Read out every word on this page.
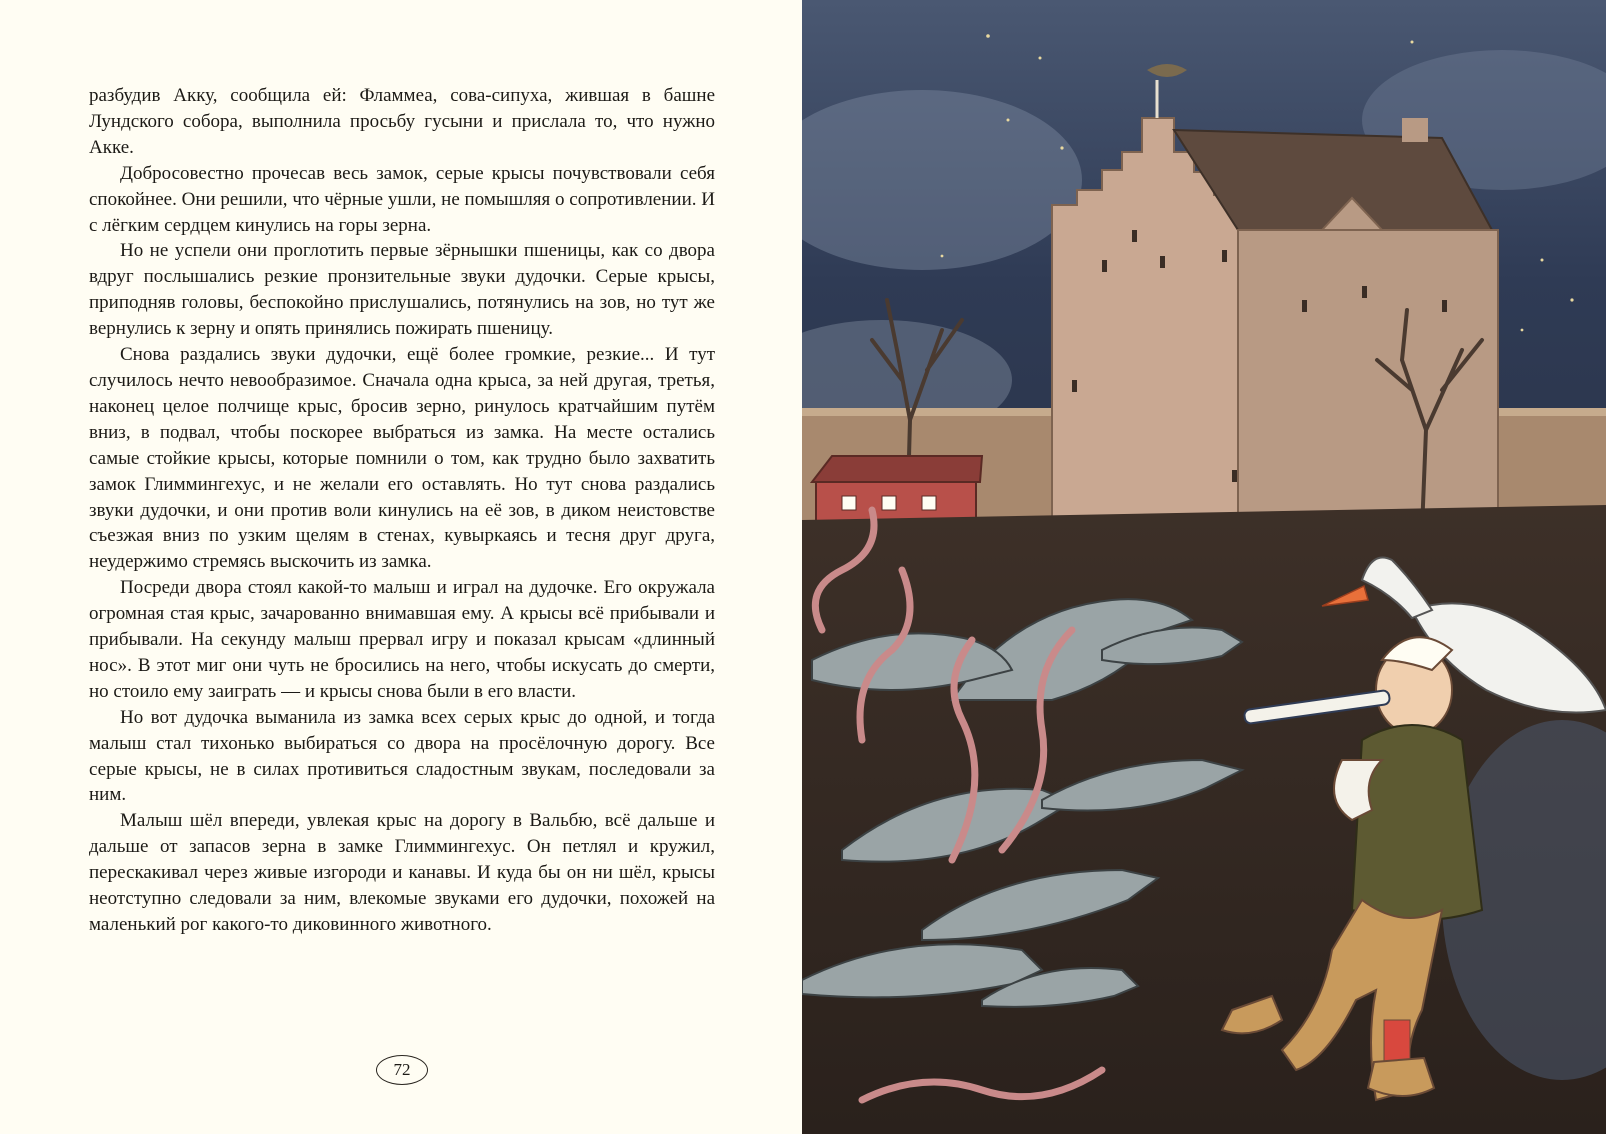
разбудив Акку, сообщила ей: Фламмеа, сова-сипуха, жившая в башне Лундского собора, выполнила просьбу гусыни и прислала то, что нужно Акке.

Добросовестно прочесав весь замок, серые крысы почувствовали себя спокойнее. Они решили, что чёрные ушли, не помышляя о сопротивлении. И с лёгким сердцем кинулись на горы зерна.

Но не успели они проглотить первые зёрнышки пшеницы, как со двора вдруг послышались резкие пронзительные звуки дудочки. Серые крысы, приподняв головы, беспокойно прислушались, потянулись на зов, но тут же вернулись к зерну и опять принялись пожирать пшеницу.

Снова раздались звуки дудочки, ещё более громкие, резкие... И тут случилось нечто невообразимое. Сначала одна крыса, за ней другая, третья, наконец целое полчище крыс, бросив зерно, ринулось кратчайшим путём вниз, в подвал, чтобы поскорее выбраться из замка. На месте остались самые стойкие крысы, которые помнили о том, как трудно было захватить замок Глиммингехус, и не желали его оставлять. Но тут снова раздались звуки дудочки, и они против воли кинулись на её зов, в диком неистовстве съезжая вниз по узким щелям в стенах, кувыркаясь и тесня друг друга, неудержимо стремясь выскочить из замка.

Посреди двора стоял какой-то малыш и играл на дудочке. Его окружала огромная стая крыс, зачарованно внимавшая ему. А крысы всё прибывали и прибывали. На секунду малыш прервал игру и показал крысам «длинный нос». В этот миг они чуть не бросились на него, чтобы искусать до смерти, но стоило ему заиграть — и крысы снова были в его власти.

Но вот дудочка выманила из замка всех серых крыс до одной, и тогда малыш стал тихонько выбираться со двора на просёлочную дорогу. Все серые крысы, не в силах противиться сладостным звукам, последовали за ним.

Малыш шёл впереди, увлекая крыс на дорогу в Вальбю, всё дальше и дальше от запасов зерна в замке Глиммингехус. Он петлял и кружил, перескакивал через живые изгороди и канавы. И куда бы он ни шёл, крысы неотступно следовали за ним, влекомые звуками его дудочки, похожей на маленький рог какого-то диковинного животного.

72
